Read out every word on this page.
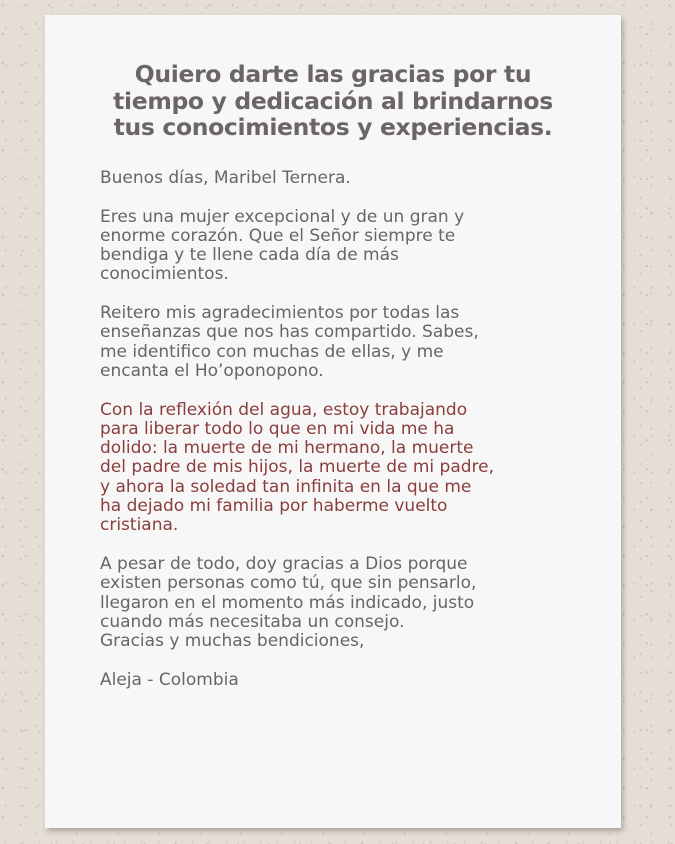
Quiero darte las gracias por tu
tiempo y dedicación al brindarnos
tus conocimientos y experiencias.

Buenos días, Maribel Ternera.

Eres una mujer excepcional y de un gran y
enorme corazón. Que el Señor siempre te
bendiga y te llene cada día de más
conocimientos.

Reitero mis agradecimientos por todas las
enseñanzas que nos has compartido. Sabes,
me identifico con muchas de ellas, y me
encanta el Ho’oponopono.

Con la reflexión del agua, estoy trabajando
para liberar todo lo que en mi vida me ha
dolido: la muerte de mi hermano, la muerte
del padre de mis hijos, la muerte de mi padre,
y ahora la soledad tan infinita en la que me
ha dejado mi familia por haberme vuelto
cristiana.

A pesar de todo, doy gracias a Dios porque
existen personas como tú, que sin pensarlo,
llegaron en el momento más indicado, justo
cuando más necesitaba un consejo.
Gracias y muchas bendiciones,

Aleja - Colombia
